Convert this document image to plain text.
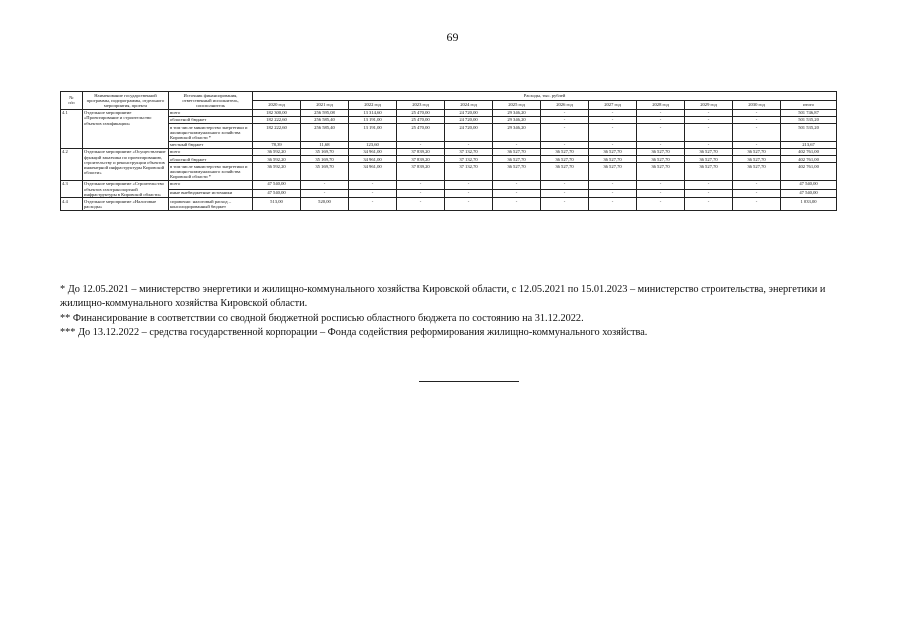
69
№
п/п	Наименование государственной программы, подпрограммы, отдельного мероприятия, проекта	Источник финансирования, ответственный исполнитель, соисполнитель	Расходы, тыс. рублей											
			2020 год	2021 год	2022 год	2023 год	2024 год	2025 год	2026 год	2027 год	2028 год	2029 год	2030 год	итого
4.1	Отдельное мероприятие «Проектирование и строительство объектов газификации»	всего	182 300,00	256 595,08	13 314,60	25 470,00	24 720,00	29 346,20	-	-	-	-	-	501 746,87
		областной бюджет	182 222,60	256 585,40	13 191,00	25 470,00	24 720,00	29 346,20	-	-	-	-	-	501 535,20
		в том числе министерство энергетики и жилищно-коммунального хозяйства Кировской области *	182 222,60	256 585,40	13 191,00	25 470,00	24 720,00	29 346,20	-	-	-	-	-	501 535,20
		местный бюджет	78,39	11,68	123,60	-	-	-	-	-	-	-	-	213,67
4.2	Отдельное мероприятие «Осуществление функций заказчика по проектированию, строительству и реконструкции объектов инженерной инфраструктуры Кировской области»	всего	36 592,20	35 169,70	34 961,00	37 839,20	37 132,70	36 527,70	36 527,70	36 527,70	36 527,70	36 527,70	36 527,70	402 761,00
		областной бюджет	36 592,20	35 169,70	34 961,00	37 839,20	37 132,70	36 527,70	36 527,70	36 527,70	36 527,70	36 527,70	36 527,70	402 761,00
		в том числе министерство энергетики и жилищно-коммунального хозяйства Кировской области *	36 592,20	35 169,70	34 961,00	37 839,20	37 132,70	36 527,70	36 527,70	36 527,70	36 527,70	36 527,70	36 527,70	402 761,00
4.3	Отдельное мероприятие «Строительство объектов газотранспортной инфраструктуры в Кировской области»	всего	47 540,00	-	-	-	-	-	-	-	-	-	-	47 540,00
		иные внебюджетные источники	47 540,00	-	-	-	-	-	-	-	-	-	-	47 540,00
4.4	Отдельное мероприятие «Налоговые расходы»	справочно: налоговый расход – консолидированный бюджет	513,00	520,00	-	-	-	-	-	-	-	-	-	1 033,00

* До 12.05.2021 – министерство энергетики и жилищно-коммунального хозяйства Кировской области, с 12.05.2021 по 15.01.2023 – министерство строительства, энергетики и жилищно-коммунального хозяйства Кировской области.

** Финансирование в соответствии со сводной бюджетной росписью областного бюджета по состоянию на 31.12.2022.

*** До 13.12.2022 – средства государственной корпорации – Фонда содействия реформирования жилищно-коммунального хозяйства.
